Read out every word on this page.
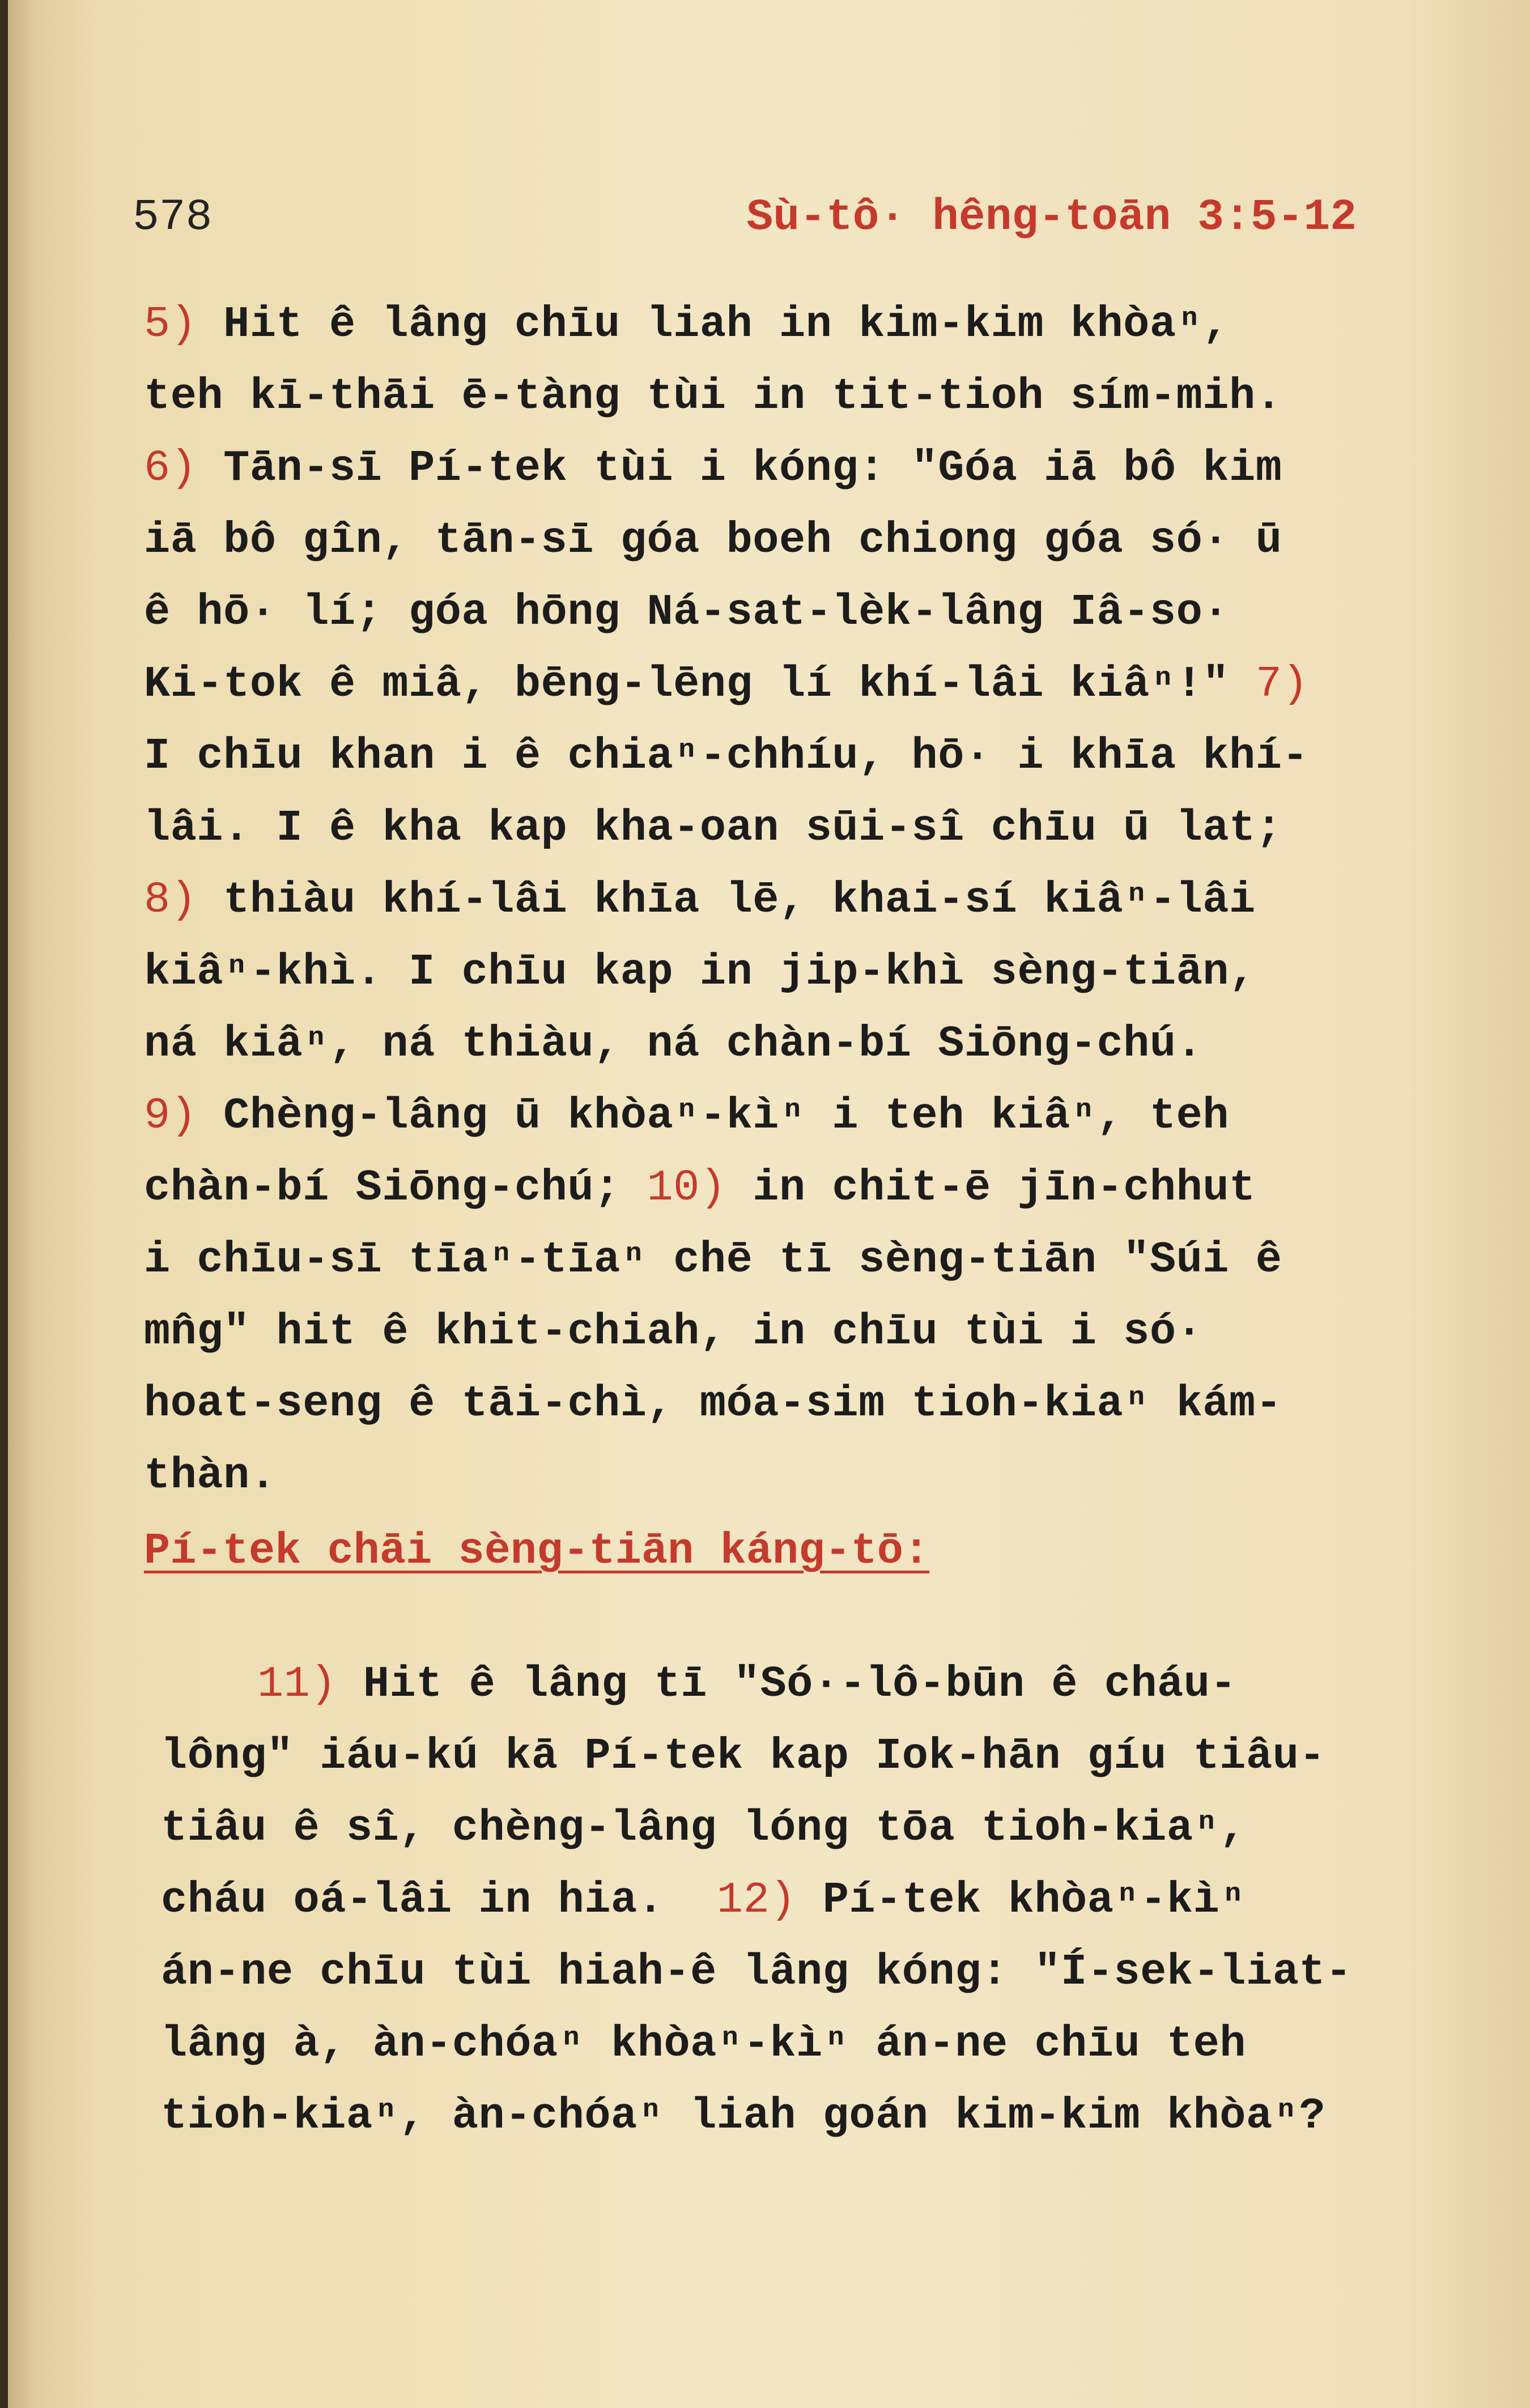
578	Sù-tô· hêng-toān 3:5-12
5) Hit ê lâng chīu liah in kim-kim khòaⁿ,
teh kī-thāi ē-tàng tùi in tit-tioh sím-mih.
6) Tān-sī Pí-tek tùi i kóng: "Góa iā bô kim
iā bô gîn, tān-sī góa boeh chiong góa só· ū
ê hō· lí; góa hōng Ná-sat-lèk-lâng Iâ-so·
Ki-tok ê miâ, bēng-lēng lí khí-lâi kiâⁿ!" 7)
I chīu khan i ê chiaⁿ-chhíu, hō· i khīa khí-
lâi. I ê kha kap kha-oan sūi-sî chīu ū lat;
8) thiàu khí-lâi khīa lē, khai-sí kiâⁿ-lâi
kiâⁿ-khì. I chīu kap in jip-khì sèng-tiān,
ná kiâⁿ, ná thiàu, ná chàn-bí Siōng-chú.
9) Chèng-lâng ū khòaⁿ-kìⁿ i teh kiâⁿ, teh
chàn-bí Siōng-chú; 10) in chit-ē jīn-chhut
i chīu-sī tīaⁿ-tīaⁿ chē tī sèng-tiān "Súi ê
mn̂g" hit ê khit-chiah, in chīu tùi i só·
hoat-seng ê tāi-chì, móa-sim tioh-kiaⁿ kám-
thàn.
Pí-tek chāi sèng-tiān káng-tō:
11) Hit ê lâng tī "Só·-lô-būn ê cháu-
lông" iáu-kú kā Pí-tek kap Iok-hān gíu tiâu-
tiâu ê sî, chèng-lâng lóng tōa tioh-kiaⁿ,
cháu oá-lâi in hia.  12) Pí-tek khòaⁿ-kìⁿ
án-ne chīu tùi hiah-ê lâng kóng: "Í-sek-liat-
lâng à, àn-chóaⁿ khòaⁿ-kìⁿ án-ne chīu teh
tioh-kiaⁿ, àn-chóaⁿ liah goán kim-kim khòaⁿ?
